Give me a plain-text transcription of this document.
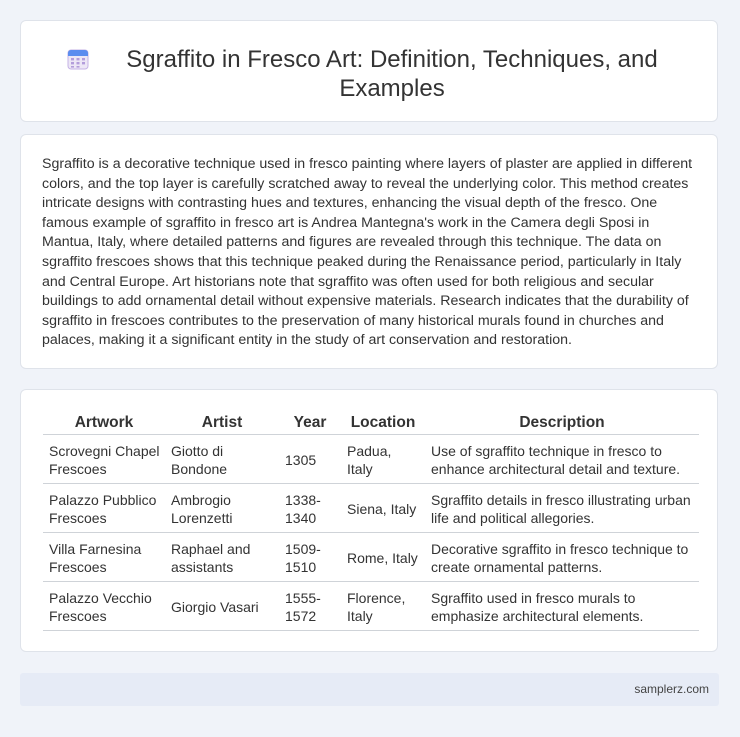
Sgraffito in Fresco Art: Definition, Techniques, and Examples

Sgraffito is a decorative technique used in fresco painting where layers of plaster are applied in different colors, and the top layer is carefully scratched away to reveal the underlying color. This method creates intricate designs with contrasting hues and textures, enhancing the visual depth of the fresco. One famous example of sgraffito in fresco art is Andrea Mantegna's work in the Camera degli Sposi in Mantua, Italy, where detailed patterns and figures are revealed through this technique. The data on sgraffito frescoes shows that this technique peaked during the Renaissance period, particularly in Italy and Central Europe. Art historians note that sgraffito was often used for both religious and secular buildings to add ornamental detail without expensive materials. Research indicates that the durability of sgraffito in frescoes contributes to the preservation of many historical murals found in churches and palaces, making it a significant entity in the study of art conservation and restoration.

Artwork	Artist	Year	Location	Description
Scrovegni Chapel Frescoes	Giotto di Bondone	1305	Padua, Italy	Use of sgraffito technique in fresco to enhance architectural detail and texture.
Palazzo Pubblico Frescoes	Ambrogio Lorenzetti	1338-1340	Siena, Italy	Sgraffito details in fresco illustrating urban life and political allegories.
Villa Farnesina Frescoes	Raphael and assistants	1509-1510	Rome, Italy	Decorative sgraffito in fresco technique to create ornamental patterns.
Palazzo Vecchio Frescoes	Giorgio Vasari	1555-1572	Florence, Italy	Sgraffito used in fresco murals to emphasize architectural elements.
samplerz.com
